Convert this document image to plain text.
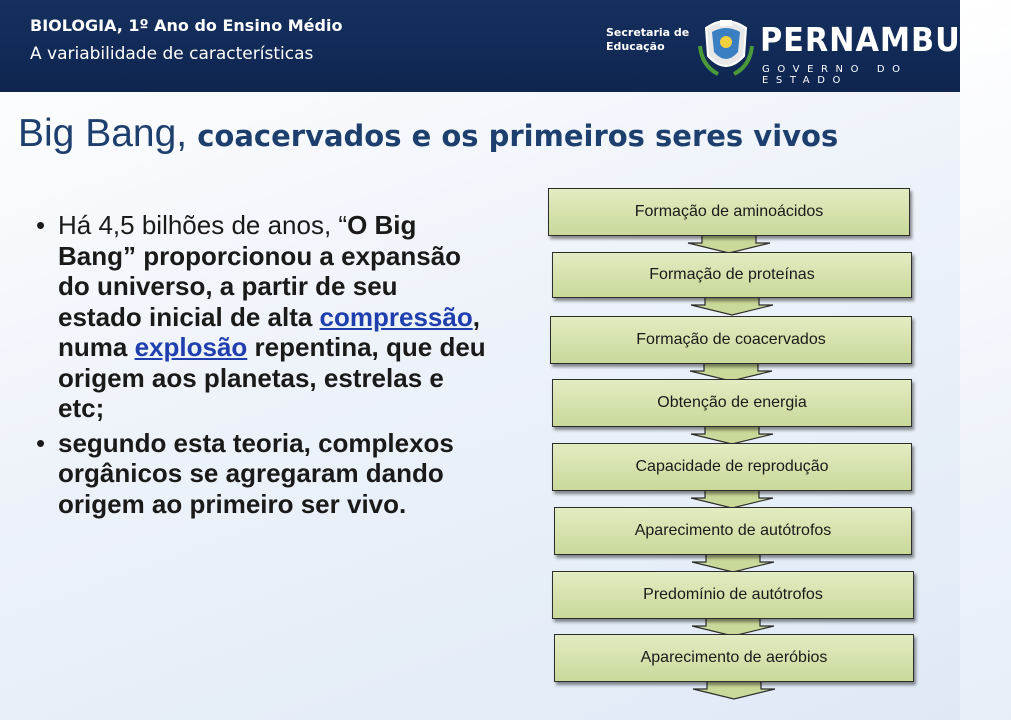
BIOLOGIA, 1º Ano do Ensino Médio
A variabilidade de características
Secretaria de
Educação	PERNAMBUCO
GOVERNO DO ESTADO
Big Bang, coacervados e os primeiros seres vivos
• Há 4,5 bilhões de anos, “O Big Bang” proporcionou a expansão do universo, a partir de seu estado inicial de alta compressão, numa explosão repentina, que deu origem aos planetas, estrelas e etc;
• segundo esta teoria, complexos orgânicos se agregaram dando origem ao primeiro ser vivo.
Formação de aminoácidos
Formação de proteínas
Formação de coacervados
Obtenção de energia
Capacidade de reprodução
Aparecimento de autótrofos
Predomínio de autótrofos
Aparecimento de aeróbios
